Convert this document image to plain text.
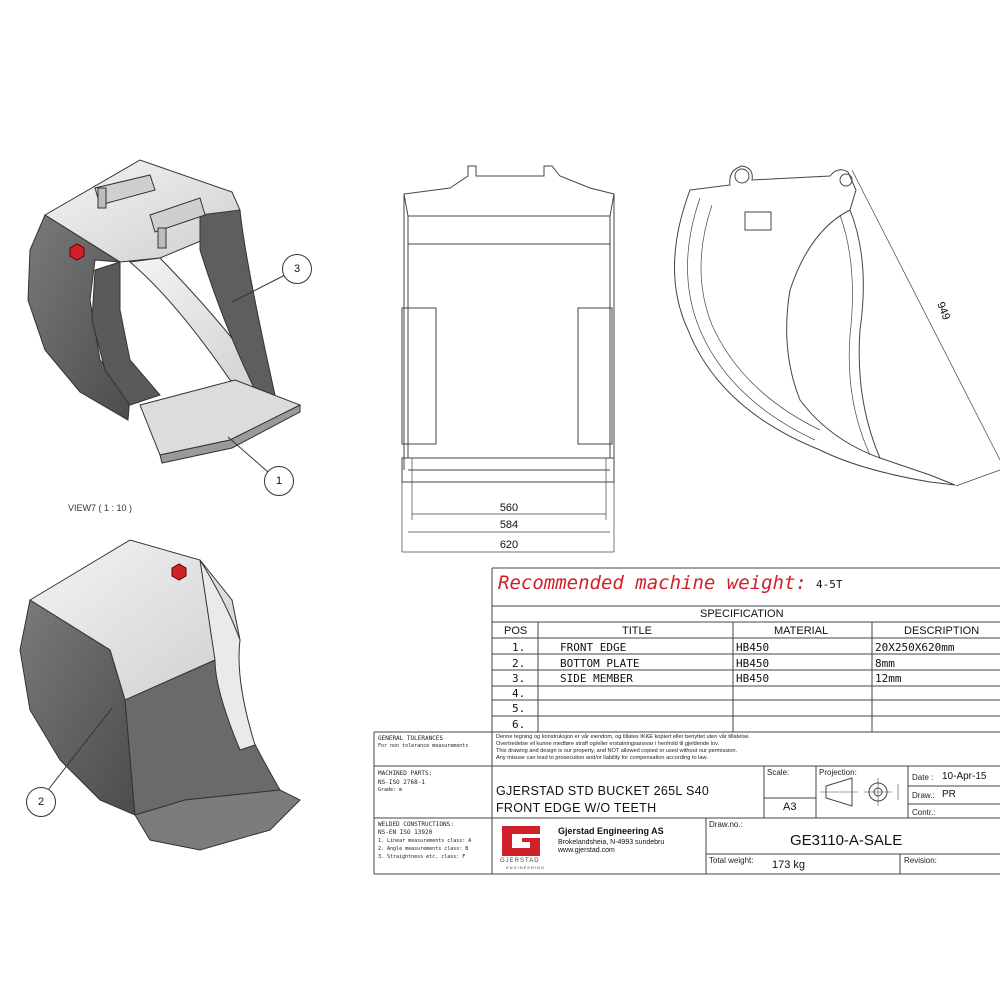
VIEW7 ( 1 : 10 )
3
1
2
560
584
620
949
Recommended machine weight: 4-5T
SPECIFICATION
POS	TITLE	MATERIAL	DESCRIPTION
1.	FRONT EDGE	HB450	20X250X620mm
2.	BOTTOM PLATE	HB450	8mm
3.	SIDE MEMBER	HB450	12mm
4.
5.
6.
GENERAL TOLERANCES
For non tolerance measurements
MACHINED PARTS:
NS-ISO 2768-1
Grade: m
WELDED CONSTRUCTIONS:
NS-EN ISO 13920
1. Linear measurements class: A
2. Angle measurements class: B
3. Straightness etc. class: F
Denne tegning og konstruksjon er vår eiendom, og tillates IKKE kopiert eller benyttet uten vår tillatelse.
Overtredelse vil kunne medføre straff og/eller erstatningsansvar i henhold til gjeldende lov.
This drawing and design is our property, and NOT allowed copied or used without our permission.
Any misuse can lead to prosecution and/or liability for compensation according to law.
GJERSTAD STD BUCKET 265L S40
FRONT EDGE W/O TEETH
Scale:	Projection:
A3
Date : 10-Apr-15
Draw.: PR
Contr.:
Draw.no.:
GE3110-A-SALE
Total weight: 173 kg	Revision:
GJERSTAD
ENGINEERING
Gjerstad Engineering AS
Brokelandsheia, N-4993 sundebru
www.gjerstad.com
